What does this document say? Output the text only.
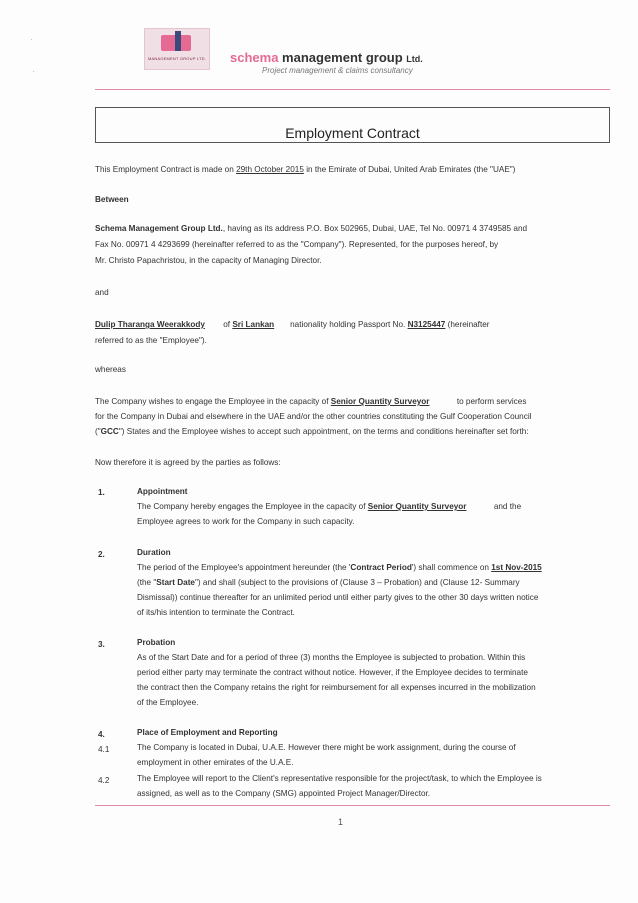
·
·
MANAGEMENT GROUP LTD. schema management group Ltd.
Project management & claims consultancy
Employment Contract
This Employment Contract is made on 29th October 2015 in the Emirate of Dubai, United Arab Emirates (the "UAE")
Between
Schema Management Group Ltd., having as its address P.O. Box 502965, Dubai, UAE, Tel No. 00971 4 3749585 and
Fax No. 00971 4 4293699 (hereinafter referred to as the "Company"). Represented, for the purposes hereof, by
Mr. Christo Papachristou, in the capacity of Managing Director.
and
Dulip Tharanga Weerakkody of Sri Lankan nationality holding Passport No. N3125447 (hereinafter
referred to as the "Employee").
whereas
The Company wishes to engage the Employee in the capacity of Senior Quantity Surveyor	to perform services
for the Company in Dubai and elsewhere in the UAE and/or the other countries constituting the Gulf Cooperation Council
("GCC") States and the Employee wishes to accept such appointment, on the terms and conditions hereinafter set forth:
Now therefore it is agreed by the parties as follows:
1.	Appointment
The Company hereby engages the Employee in the capacity of Senior Quantity Surveyor	and the
Employee agrees to work for the Company in such capacity.
2.	Duration
The period of the Employee's appointment hereunder (the 'Contract Period') shall commence on 1st Nov-2015
(the "Start Date") and shall (subject to the provisions of (Clause 3 – Probation) and (Clause 12- Summary
Dismissal)) continue thereafter for an unlimited period until either party gives to the other 30 days written notice
of its/his intention to terminate the Contract.
3.	Probation
As of the Start Date and for a period of three (3) months the Employee is subjected to probation. Within this
period either party may terminate the contract without notice. However, if the Employee decides to terminate
the contract then the Company retains the right for reimbursement for all expenses incurred in the mobilization
of the Employee.
4.	Place of Employment and Reporting
4.1	The Company is located in Dubai, U.A.E. However there might be work assignment, during the course of
employment in other emirates of the U.A.E.
4.2	The Employee will report to the Client's representative responsible for the project/task, to which the Employee is
assigned, as well as to the Company (SMG) appointed Project Manager/Director.
1
